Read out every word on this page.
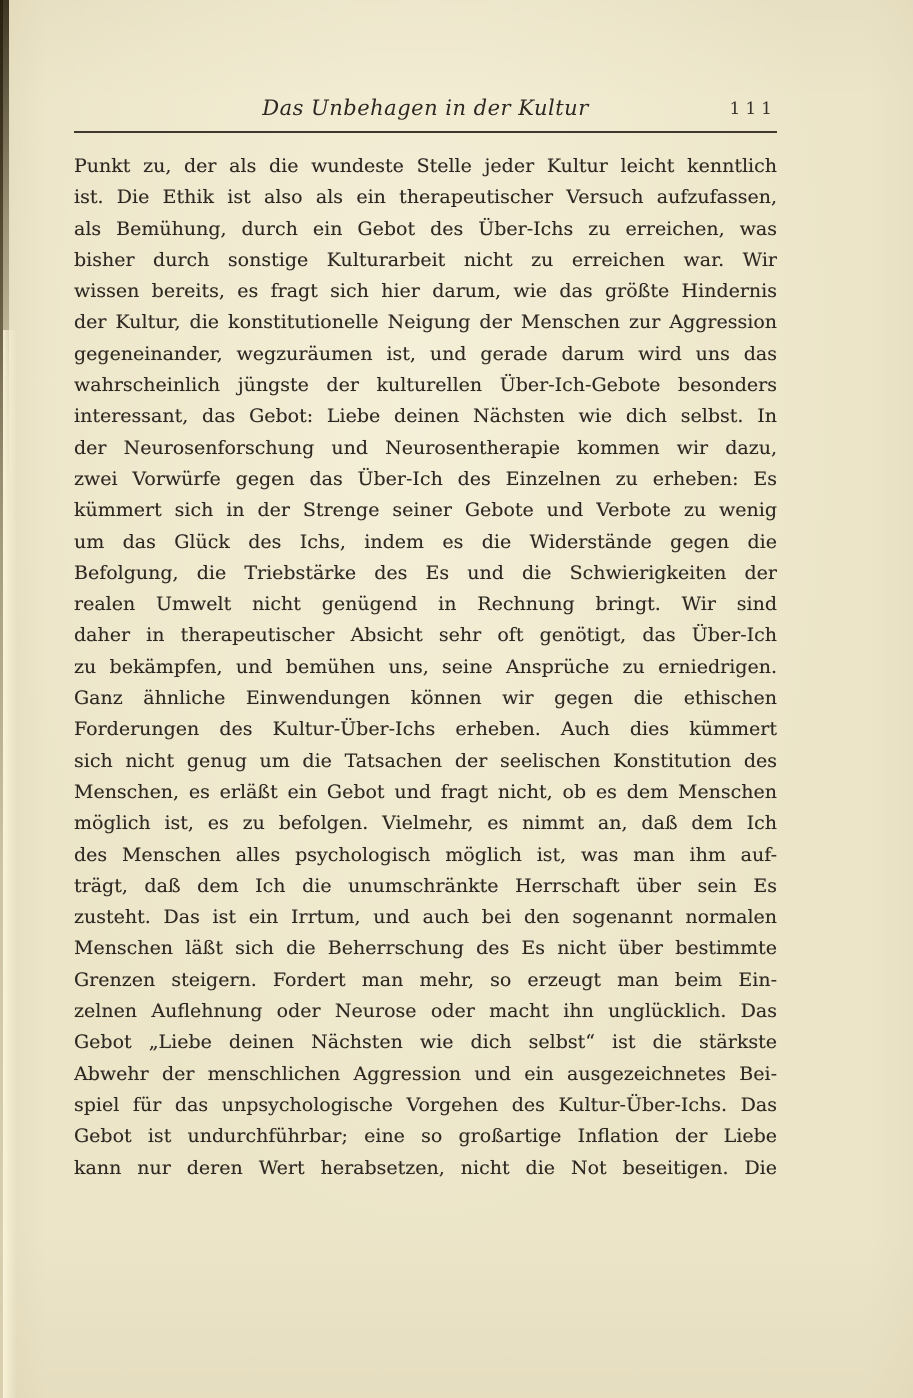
Das Unbehagen in der Kultur	111
Punkt zu, der als die wundeste Stelle jeder Kultur leicht kenntlich
ist. Die Ethik ist also als ein therapeutischer Versuch aufzufassen,
als Bemühung, durch ein Gebot des Über-Ichs zu erreichen, was
bisher durch sonstige Kulturarbeit nicht zu erreichen war. Wir
wissen bereits, es fragt sich hier darum, wie das größte Hindernis
der Kultur, die konstitutionelle Neigung der Menschen zur Aggression
gegeneinander, wegzuräumen ist, und gerade darum wird uns das
wahrscheinlich jüngste der kulturellen Über-Ich-Gebote besonders
interessant, das Gebot: Liebe deinen Nächsten wie dich selbst. In
der Neurosenforschung und Neurosentherapie kommen wir dazu,
zwei Vorwürfe gegen das Über-Ich des Einzelnen zu erheben: Es
kümmert sich in der Strenge seiner Gebote und Verbote zu wenig
um das Glück des Ichs, indem es die Widerstände gegen die
Befolgung, die Triebstärke des Es und die Schwierigkeiten der
realen Umwelt nicht genügend in Rechnung bringt. Wir sind
daher in therapeutischer Absicht sehr oft genötigt, das Über-Ich
zu bekämpfen, und bemühen uns, seine Ansprüche zu erniedrigen.
Ganz ähnliche Einwendungen können wir gegen die ethischen
Forderungen des Kultur-Über-Ichs erheben. Auch dies kümmert
sich nicht genug um die Tatsachen der seelischen Konstitution des
Menschen, es erläßt ein Gebot und fragt nicht, ob es dem Menschen
möglich ist, es zu befolgen. Vielmehr, es nimmt an, daß dem Ich
des Menschen alles psychologisch möglich ist, was man ihm auf-
trägt, daß dem Ich die unumschränkte Herrschaft über sein Es
zusteht. Das ist ein Irrtum, und auch bei den sogenannt normalen
Menschen läßt sich die Beherrschung des Es nicht über bestimmte
Grenzen steigern. Fordert man mehr, so erzeugt man beim Ein-
zelnen Auflehnung oder Neurose oder macht ihn unglücklich. Das
Gebot „Liebe deinen Nächsten wie dich selbst“ ist die stärkste
Abwehr der menschlichen Aggression und ein ausgezeichnetes Bei-
spiel für das unpsychologische Vorgehen des Kultur-Über-Ichs. Das
Gebot ist undurchführbar; eine so großartige Inflation der Liebe
kann nur deren Wert herabsetzen, nicht die Not beseitigen. Die
